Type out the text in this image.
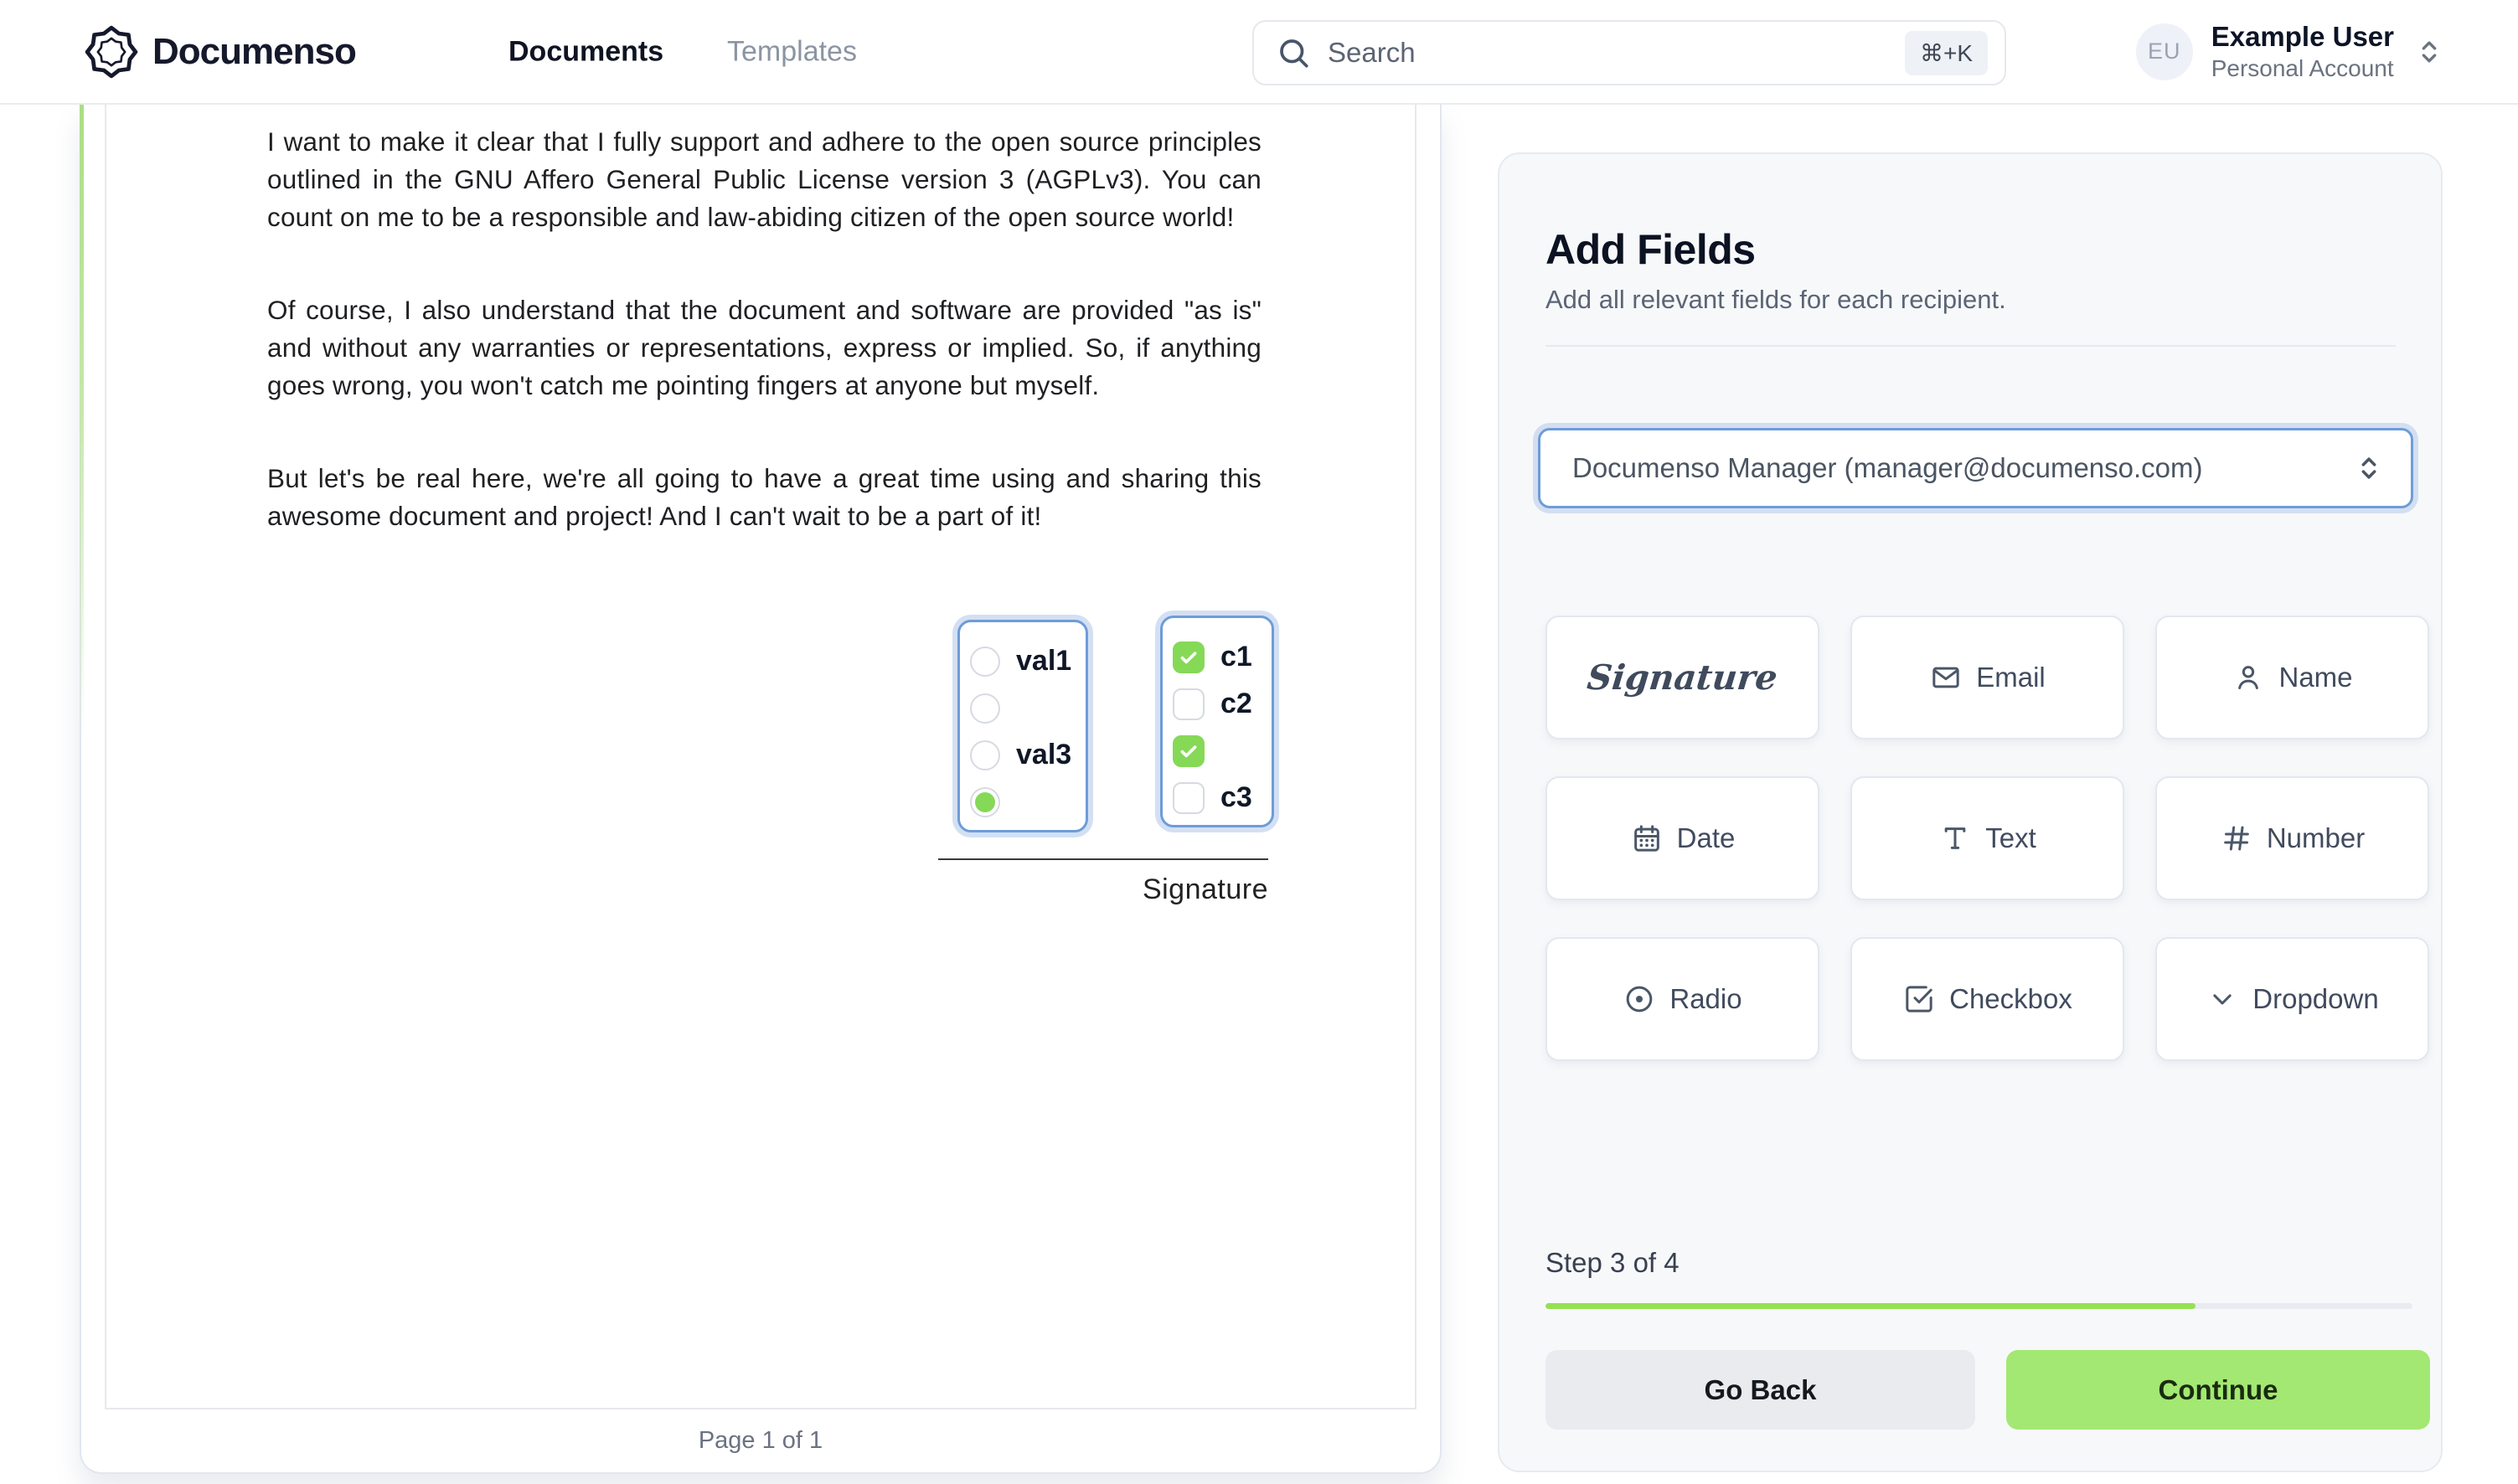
Documenso	Documents Templates	Search	⌘+K	EU	Example User
Personal Account

I want to make it clear that I fully support and adhere to the open source principles outlined in the GNU Affero General Public License version 3 (AGPLv3). You can count on me to be a responsible and law-abiding citizen of the open source world!

Of course, I also understand that the document and software are provided "as is" and without any warranties or representations, express or implied. So, if anything goes wrong, you won't catch me pointing fingers at anyone but myself.

But let's be real here, we're all going to have a great time using and sharing this awesome document and project! And I can't wait to be a part of it!

val1
val3
c1
c2
c3
Signature
Page 1 of 1
Add Fields

Add all relevant fields for each recipient.

Documenso Manager (manager@documenso.com)
Signature	Email	Name
Date	Text	Number
Radio	Checkbox	Dropdown
Step 3 of 4
Go Back	Continue
